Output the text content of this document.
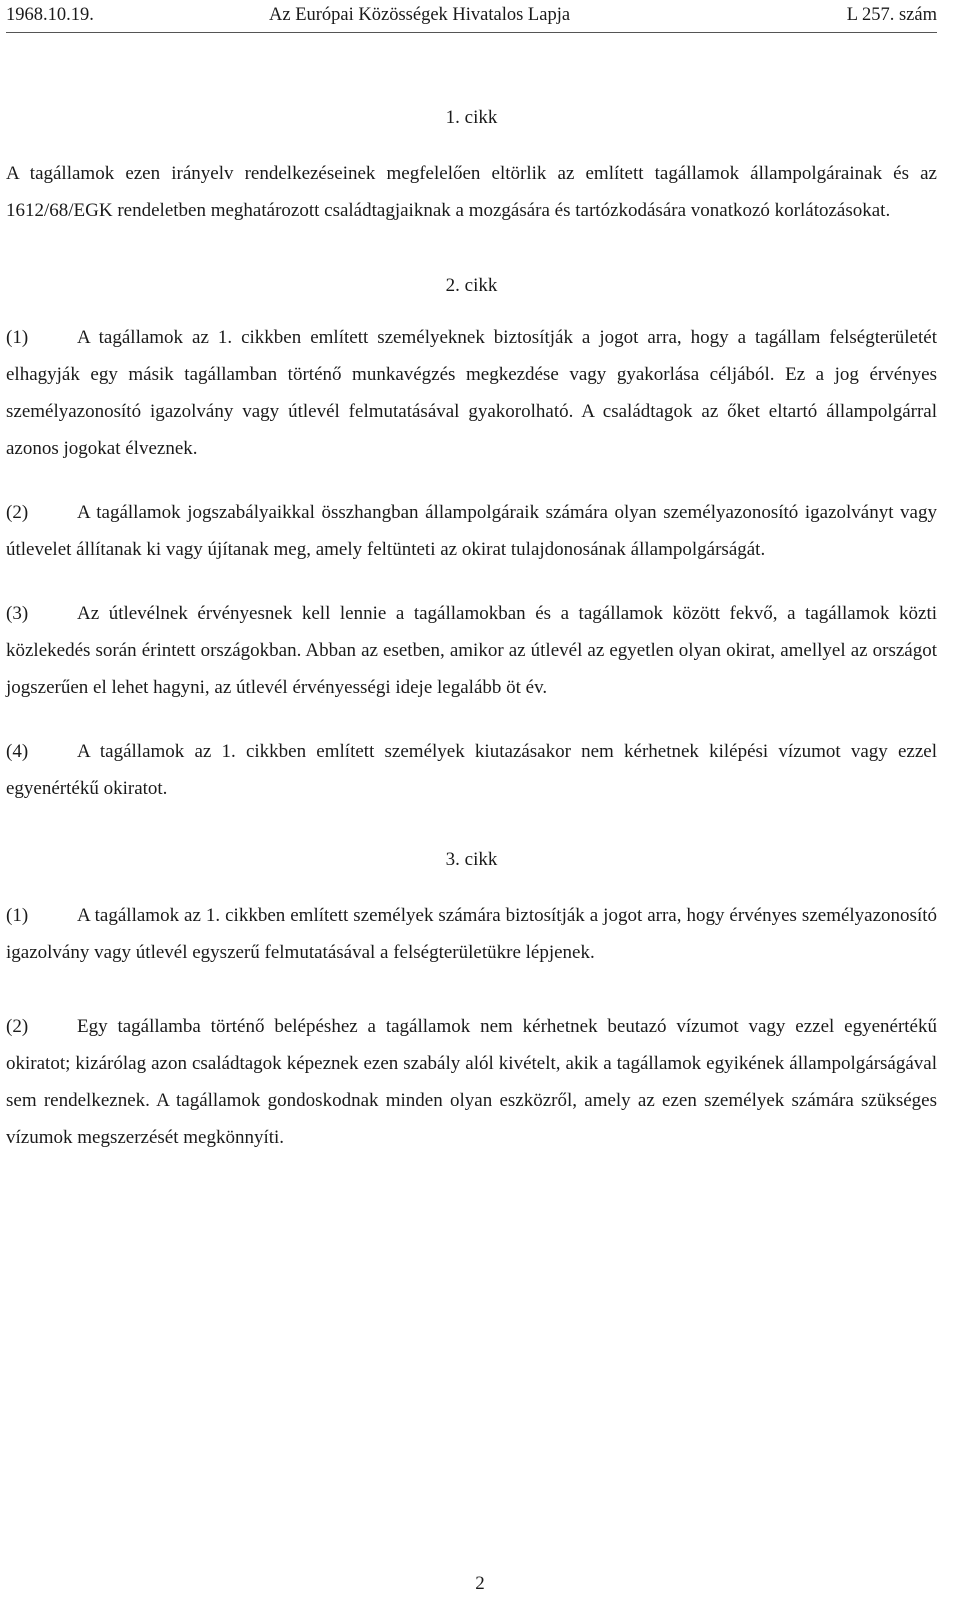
1968.10.19.	Az Európai Közösségek Hivatalos Lapja	L 257. szám
1. cikk

A tagállamok ezen irányelv rendelkezéseinek megfelelően eltörlik az említett tagállamok állampolgárainak és az 1612/68/EGK rendeletben meghatározott családtagjaiknak a mozgására és tartózkodására vonatkozó korlátozásokat.

2. cikk

(1)	A tagállamok az 1. cikkben említett személyeknek biztosítják a jogot arra, hogy a tagállam felségterületét elhagyják egy másik tagállamban történő munkavégzés megkezdése vagy gyakorlása céljából. Ez a jog érvényes személyazonosító igazolvány vagy útlevél felmutatásával gyakorolható. A családtagok az őket eltartó állampolgárral azonos jogokat élveznek.

(2)	A tagállamok jogszabályaikkal összhangban állampolgáraik számára olyan személyazonosító igazolványt vagy útlevelet állítanak ki vagy újítanak meg, amely feltünteti az okirat tulajdonosának állampolgárságát.

(3)	Az útlevélnek érvényesnek kell lennie a tagállamokban és a tagállamok között fekvő, a tagállamok közti közlekedés során érintett országokban. Abban az esetben, amikor az útlevél az egyetlen olyan okirat, amellyel az országot jogszerűen el lehet hagyni, az útlevél érvényességi ideje legalább öt év.

(4)	A tagállamok az 1. cikkben említett személyek kiutazásakor nem kérhetnek kilépési vízumot vagy ezzel egyenértékű okiratot.

3. cikk

(1)	A tagállamok az 1. cikkben említett személyek számára biztosítják a jogot arra, hogy érvényes személyazonosító igazolvány vagy útlevél egyszerű felmutatásával a felségterületükre lépjenek.

(2)	Egy tagállamba történő belépéshez a tagállamok nem kérhetnek beutazó vízumot vagy ezzel egyenértékű okiratot; kizárólag azon családtagok képeznek ezen szabály alól kivételt, akik a tagállamok egyikének állampolgárságával sem rendelkeznek. A tagállamok gondoskodnak minden olyan eszközről, amely az ezen személyek számára szükséges vízumok megszerzését megkönnyíti.

2
